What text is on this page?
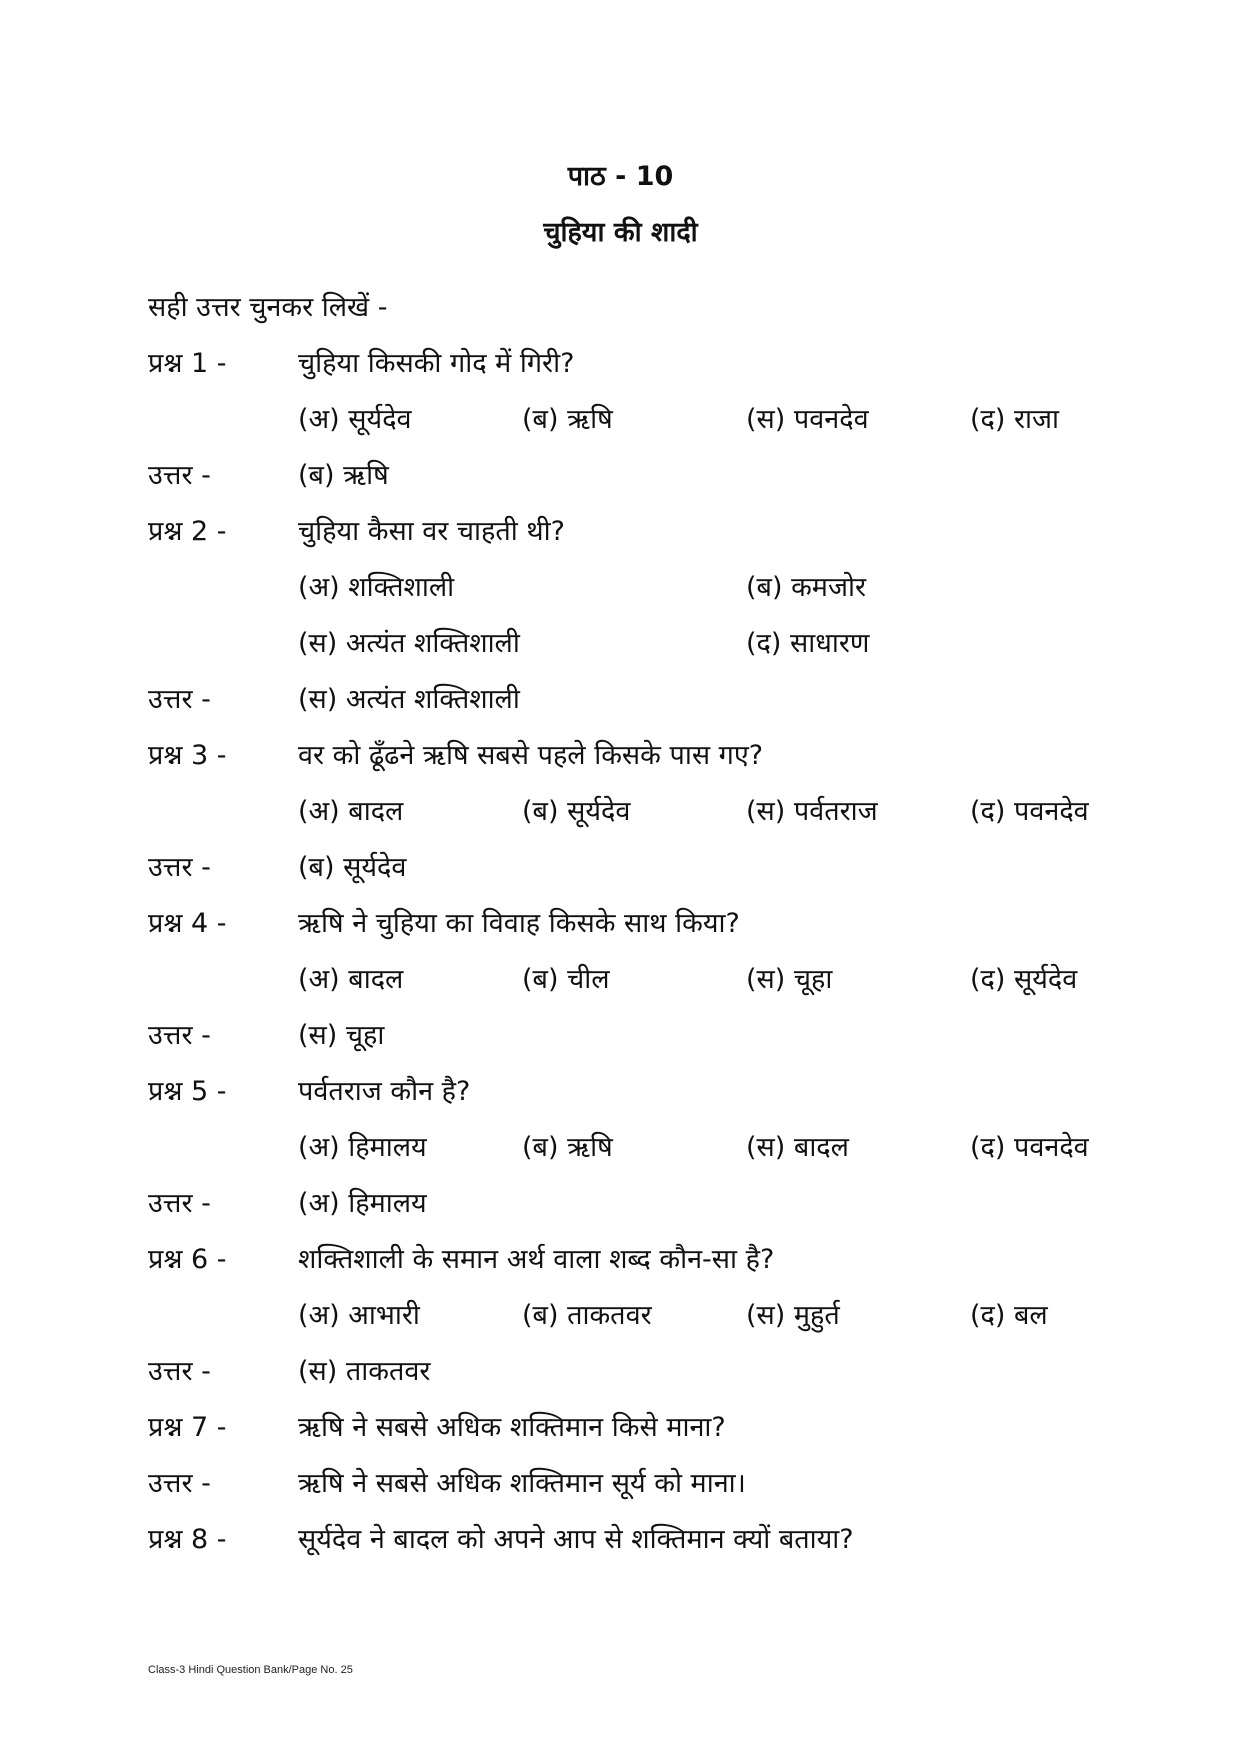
पाठ - 10
चुहिया की शादी
सही उत्तर चुनकर लिखें -
प्रश्न 1 -	चुहिया किसकी गोद में गिरी?
(अ) सूर्यदेव	(ब) ऋषि	(स) पवनदेव	(द) राजा
उत्तर -	(ब) ऋषि
प्रश्न 2 -	चुहिया कैसा वर चाहती थी?
(अ) शक्तिशाली	(ब) कमजोर
(स) अत्यंत शक्तिशाली	(द) साधारण
उत्तर -	(स) अत्यंत शक्तिशाली
प्रश्न 3 -	वर को ढूँढने ऋषि सबसे पहले किसके पास गए?
(अ) बादल	(ब) सूर्यदेव	(स) पर्वतराज	(द) पवनदेव
उत्तर -	(ब) सूर्यदेव
प्रश्न 4 -	ऋषि ने चुहिया का विवाह किसके साथ किया?
(अ) बादल	(ब) चील	(स) चूहा	(द) सूर्यदेव
उत्तर -	(स) चूहा
प्रश्न 5 -	पर्वतराज कौन है?
(अ) हिमालय	(ब) ऋषि	(स) बादल	(द) पवनदेव
उत्तर -	(अ) हिमालय
प्रश्न 6 -	शक्तिशाली के समान अर्थ वाला शब्द कौन-सा है?
(अ) आभारी	(ब) ताकतवर	(स) मुहुर्त	(द) बल
उत्तर -	(स) ताकतवर
प्रश्न 7 -	ऋषि ने सबसे अधिक शक्तिमान किसे माना?
उत्तर -	ऋषि ने सबसे अधिक शक्तिमान सूर्य को माना।
प्रश्न 8 -	सूर्यदेव ने बादल को अपने आप से शक्तिमान क्यों बताया?
Class-3 Hindi Question Bank/Page No. 25
